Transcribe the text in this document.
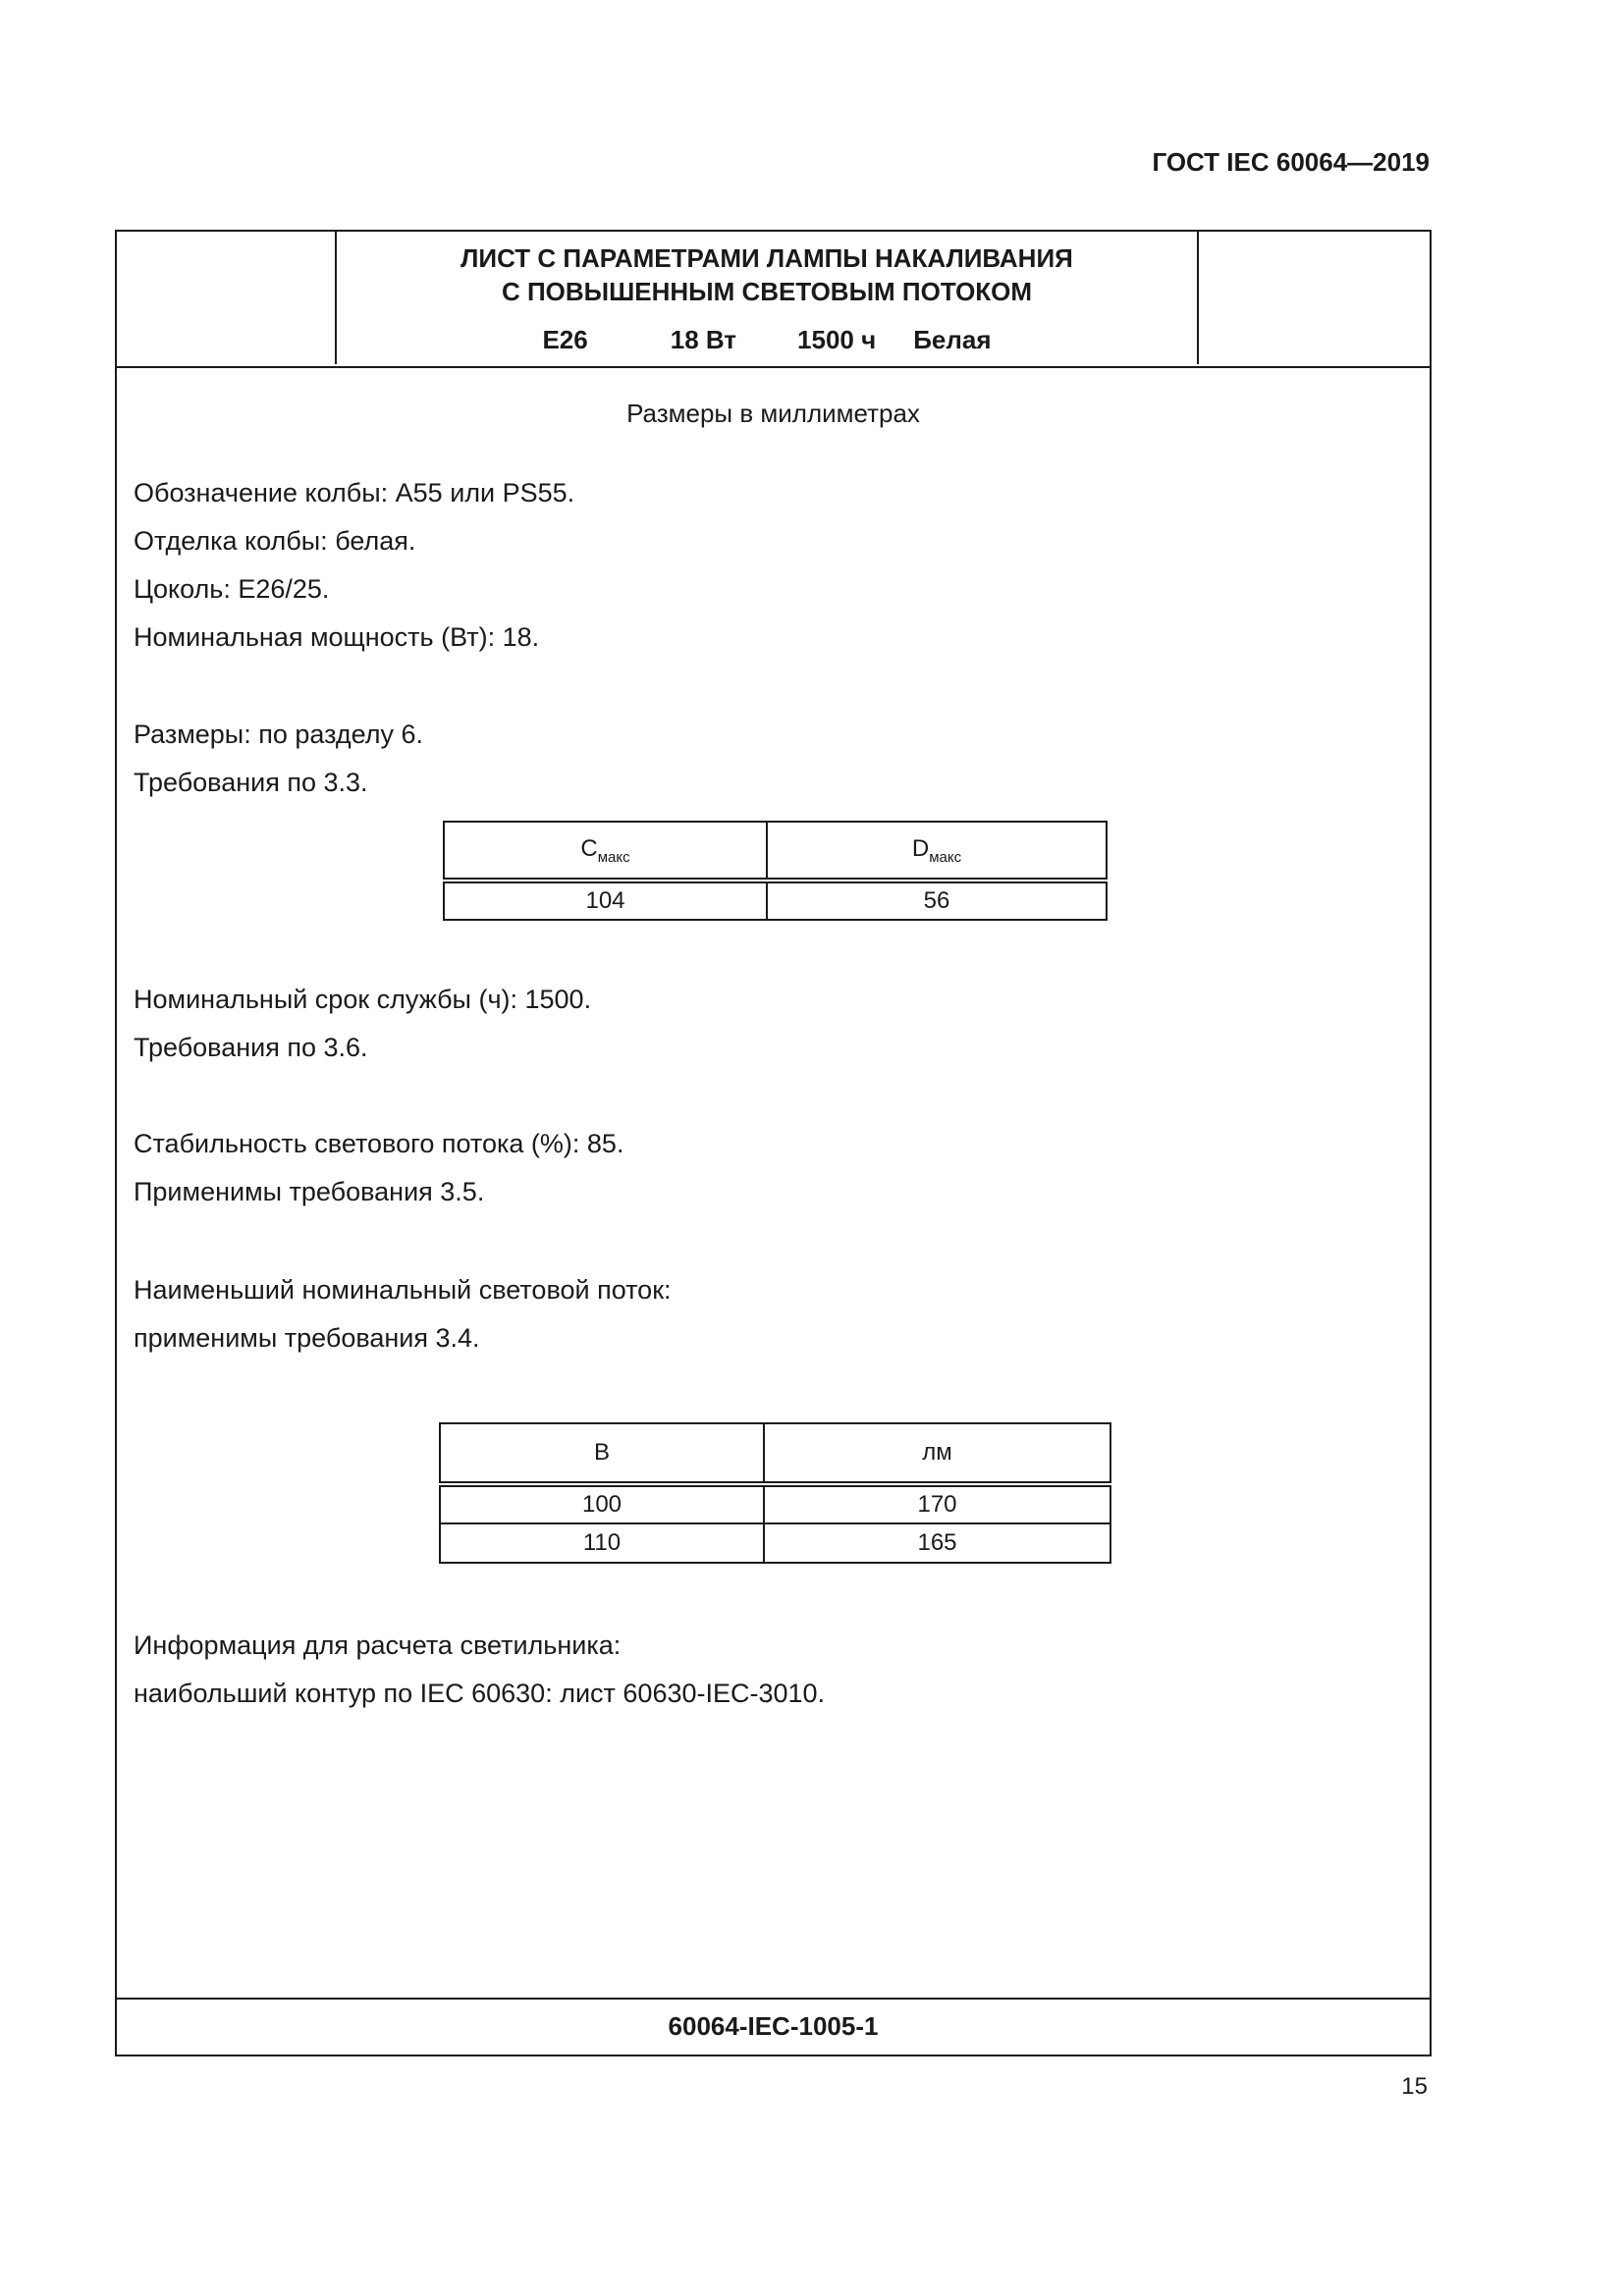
ГОСТ IEC 60064—2019
ЛИСТ С ПАРАМЕТРАМИ ЛАМПЫ НАКАЛИВАНИЯ
С ПОВЫШЕННЫМ СВЕТОВЫМ ПОТОКОМ
E26	18 Вт 1500 ч Белая
Размеры в миллиметрах
Обозначение колбы: A55 или PS55.
Отделка колбы: белая.
Цоколь: E26/25.
Номинальная мощность (Вт): 18.
Размеры: по разделу 6.
Требования по 3.3.
$C_{макс}$	$D_{макс}$
104	56
Номинальный срок службы (ч): 1500.
Требования по 3.6.
Стабильность светового потока (%): 85.
Применимы требования 3.5.
Наименьший номинальный световой поток:
применимы требования 3.4.
В	лм
100	170
110	165
Информация для расчета светильника:
наибольший контур по IEC 60630: лист 60630-IEC-3010.
60064-IEC-1005-1
15
